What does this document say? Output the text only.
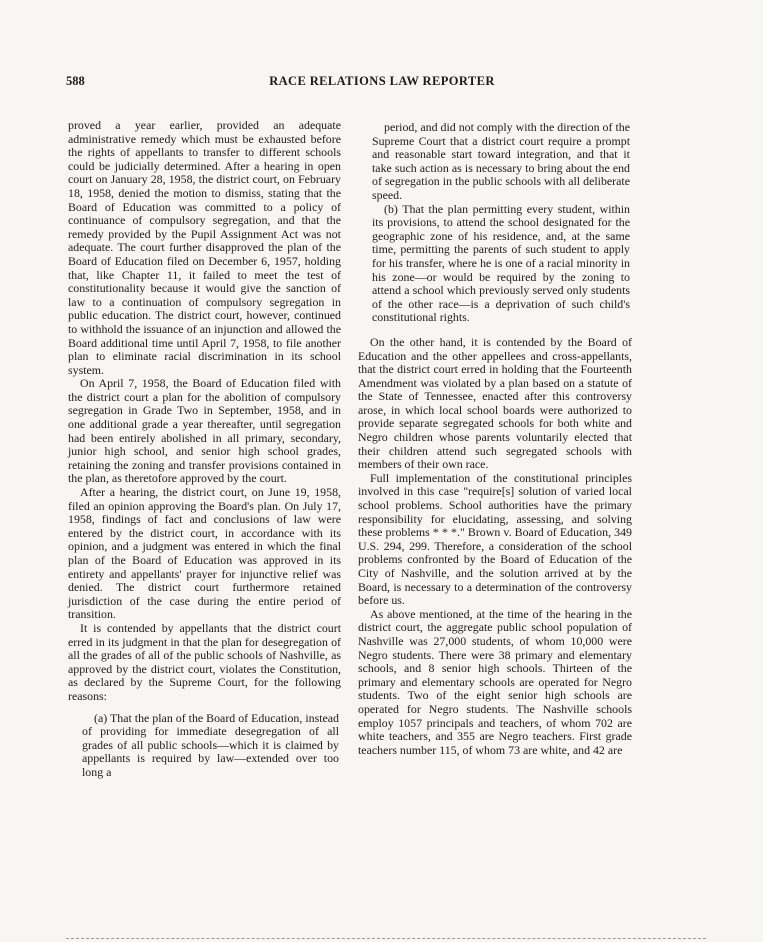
588	RACE RELATIONS LAW REPORTER

proved a year earlier, provided an adequate administrative remedy which must be exhausted before the rights of appellants to transfer to different schools could be judicially determined. After a hearing in open court on January 28, 1958, the district court, on February 18, 1958, denied the motion to dismiss, stating that the Board of Education was committed to a policy of continuance of compulsory segregation, and that the remedy provided by the Pupil Assignment Act was not adequate. The court further disapproved the plan of the Board of Education filed on December 6, 1957, holding that, like Chapter 11, it failed to meet the test of constitutionality because it would give the sanction of law to a continuation of compulsory segregation in public education. The district court, however, continued to withhold the issuance of an injunction and allowed the Board additional time until April 7, 1958, to file another plan to eliminate racial discrimination in its school system.

On April 7, 1958, the Board of Education filed with the district court a plan for the abolition of compulsory segregation in Grade Two in September, 1958, and in one additional grade a year thereafter, until segregation had been entirely abolished in all primary, secondary, junior high school, and senior high school grades, retaining the zoning and transfer provisions contained in the plan, as theretofore approved by the court.

After a hearing, the district court, on June 19, 1958, filed an opinion approving the Board's plan. On July 17, 1958, findings of fact and conclusions of law were entered by the district court, in accordance with its opinion, and a judgment was entered in which the final plan of the Board of Education was approved in its entirety and appellants' prayer for injunctive relief was denied. The district court furthermore retained jurisdiction of the case during the entire period of transition.

It is contended by appellants that the district court erred in its judgment in that the plan for desegregation of all the grades of all of the public schools of Nashville, as approved by the district court, violates the Constitution, as declared by the Supreme Court, for the following reasons:

(a) That the plan of the Board of Education, instead of providing for immediate desegregation of all grades of all public schools—which it is claimed by appellants is required by law—extended over too long a

period, and did not comply with the direction of the Supreme Court that a district court require a prompt and reasonable start toward integration, and that it take such action as is necessary to bring about the end of segregation in the public schools with all deliberate speed.

(b) That the plan permitting every student, within its provisions, to attend the school designated for the geographic zone of his residence, and, at the same time, permitting the parents of such student to apply for his transfer, where he is one of a racial minority in his zone—or would be required by the zoning to attend a school which previously served only students of the other race—is a deprivation of such child's constitutional rights.

On the other hand, it is contended by the Board of Education and the other appellees and cross-appellants, that the district court erred in holding that the Fourteenth Amendment was violated by a plan based on a statute of the State of Tennessee, enacted after this controversy arose, in which local school boards were authorized to provide separate segregated schools for both white and Negro children whose parents voluntarily elected that their children attend such segregated schools with members of their own race.

Full implementation of the constitutional principles involved in this case "require[s] solution of varied local school problems. School authorities have the primary responsibility for elucidating, assessing, and solving these problems * * *." Brown v. Board of Education, 349 U.S. 294, 299. Therefore, a consideration of the school problems confronted by the Board of Education of the City of Nashville, and the solution arrived at by the Board, is necessary to a determination of the controversy before us.

As above mentioned, at the time of the hearing in the district court, the aggregate public school population of Nashville was 27,000 students, of whom 10,000 were Negro students. There were 38 primary and elementary schools, and 8 senior high schools. Thirteen of the primary and elementary schools are operated for Negro students. Two of the eight senior high schools are operated for Negro students. The Nashville schools employ 1057 principals and teachers, of whom 702 are white teachers, and 355 are Negro teachers. First grade teachers number 115, of whom 73 are white, and 42 are
